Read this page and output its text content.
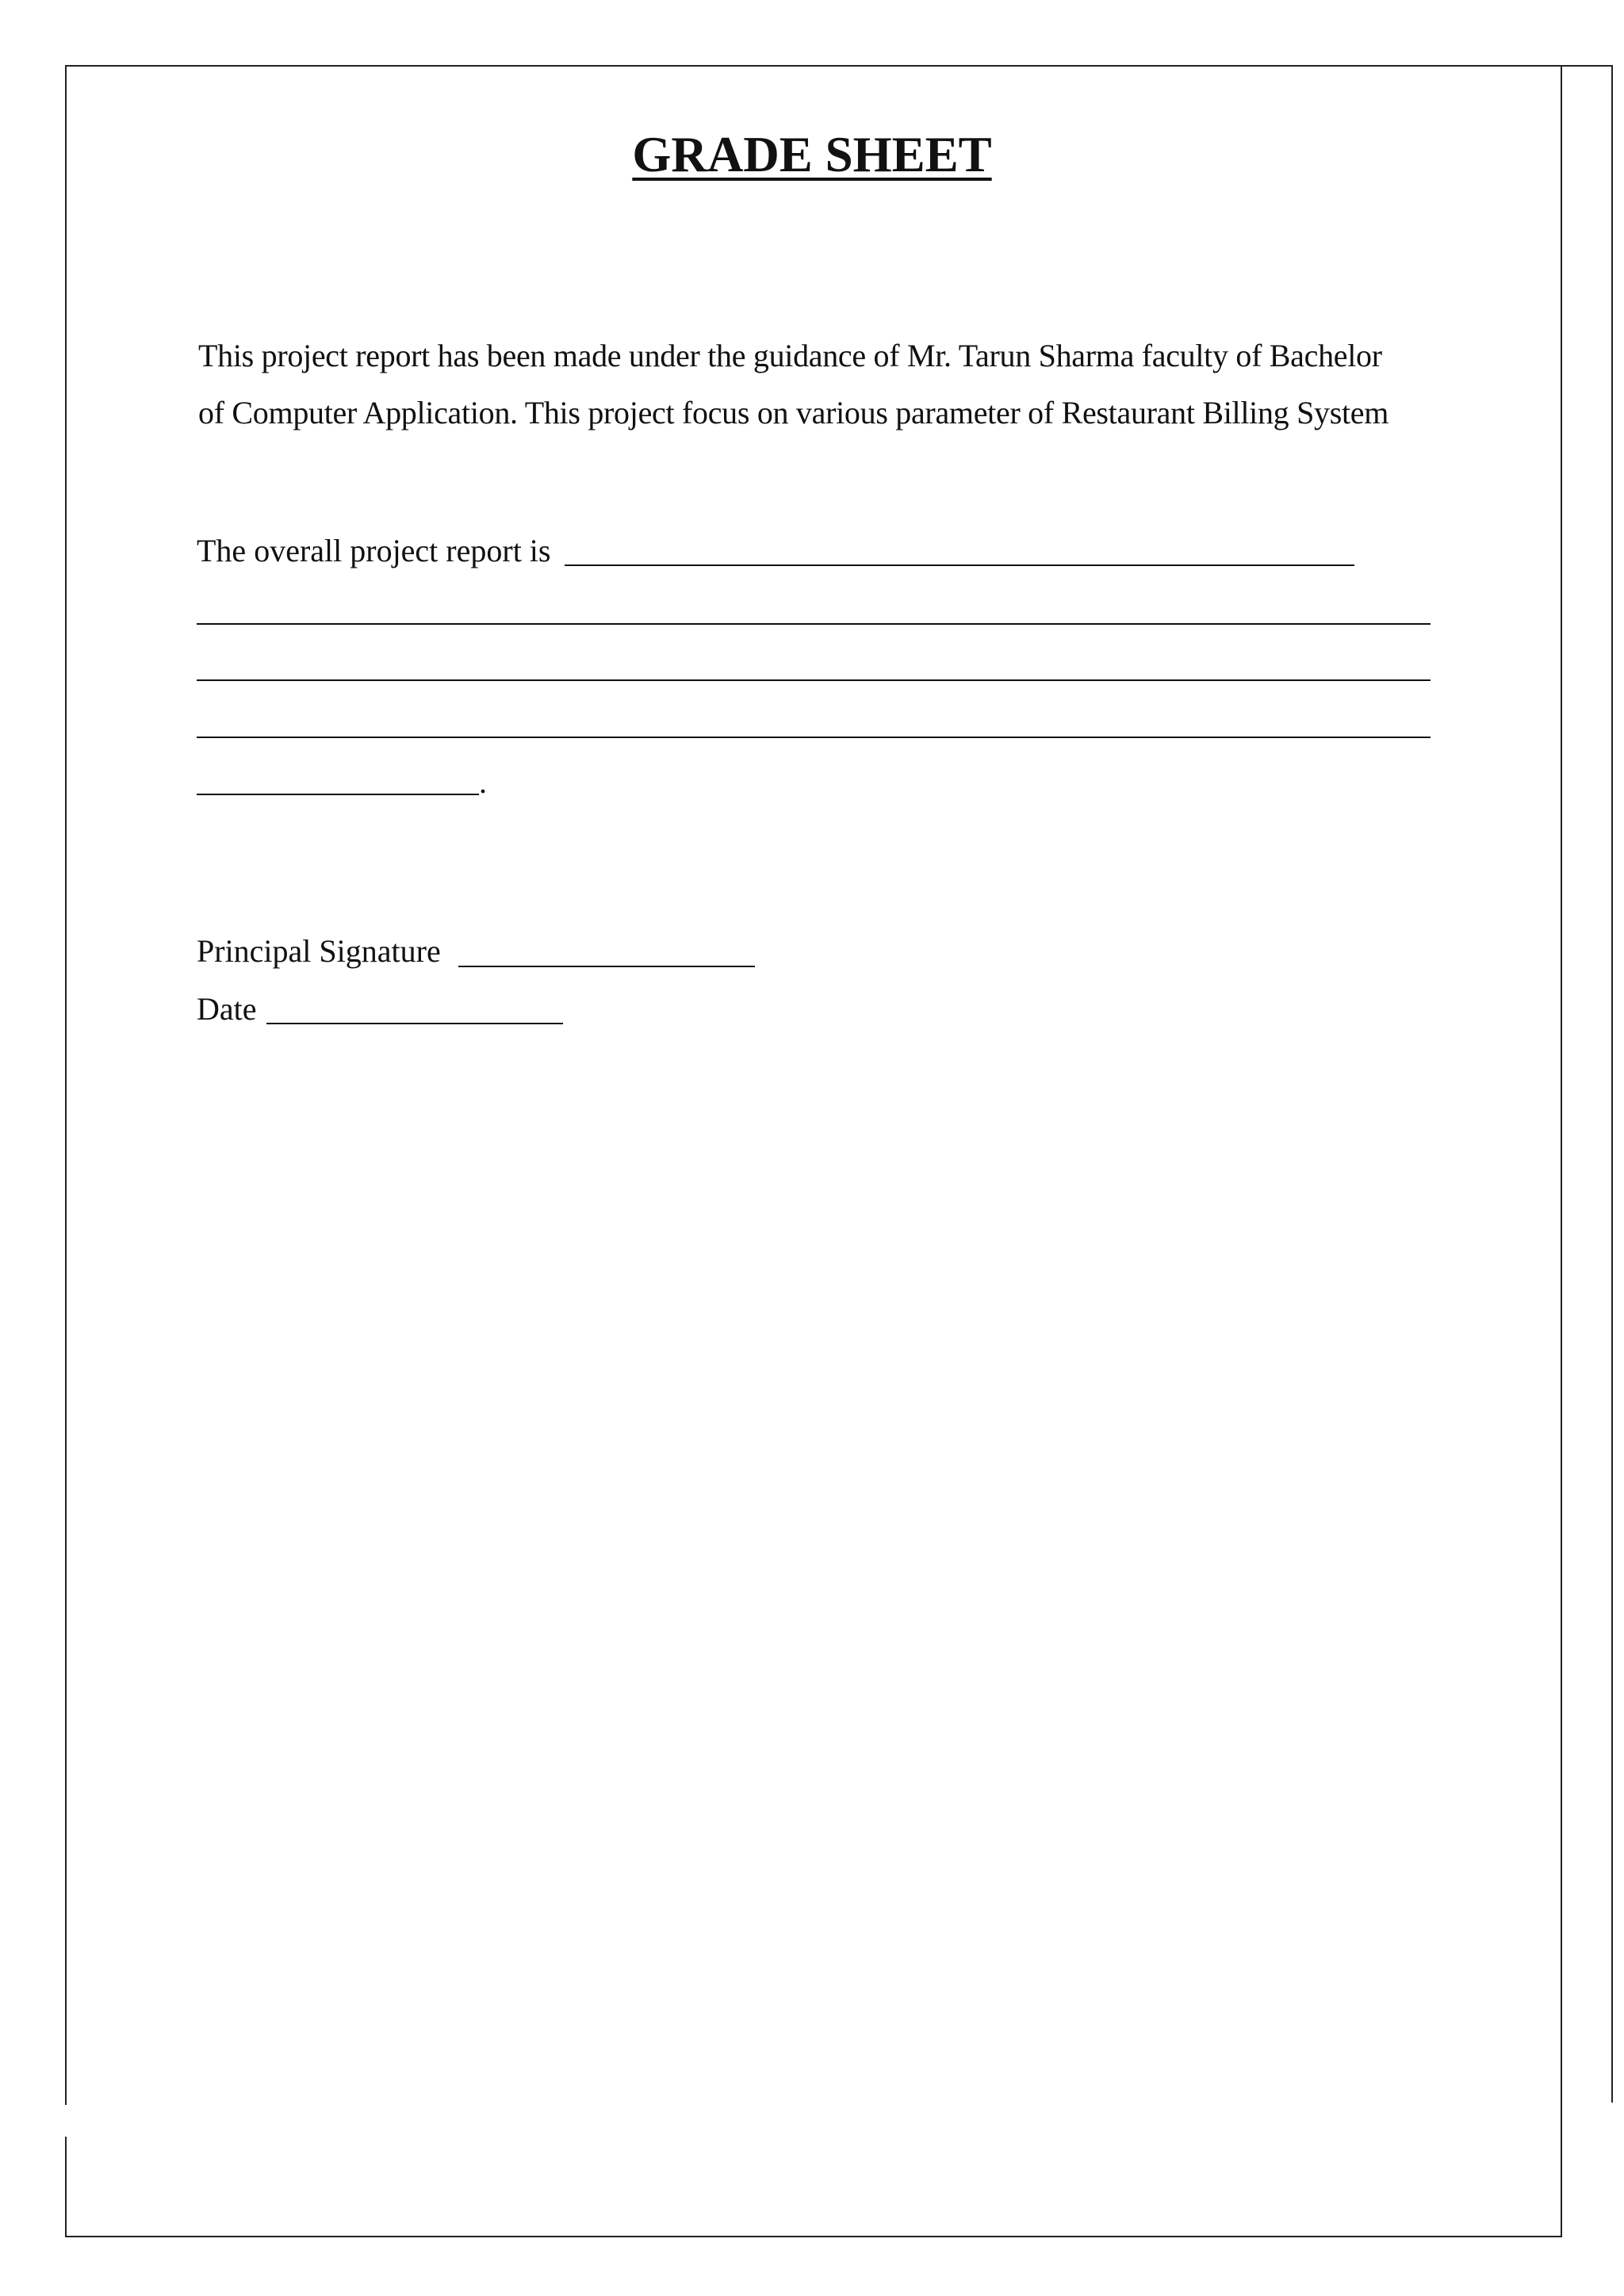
GRADE SHEET
This project report has been made under the guidance of Mr. Tarun Sharma faculty of Bachelor
of Computer Application. This project focus on various parameter of Restaurant Billing System
The overall project report is
.
Principal Signature
Date
